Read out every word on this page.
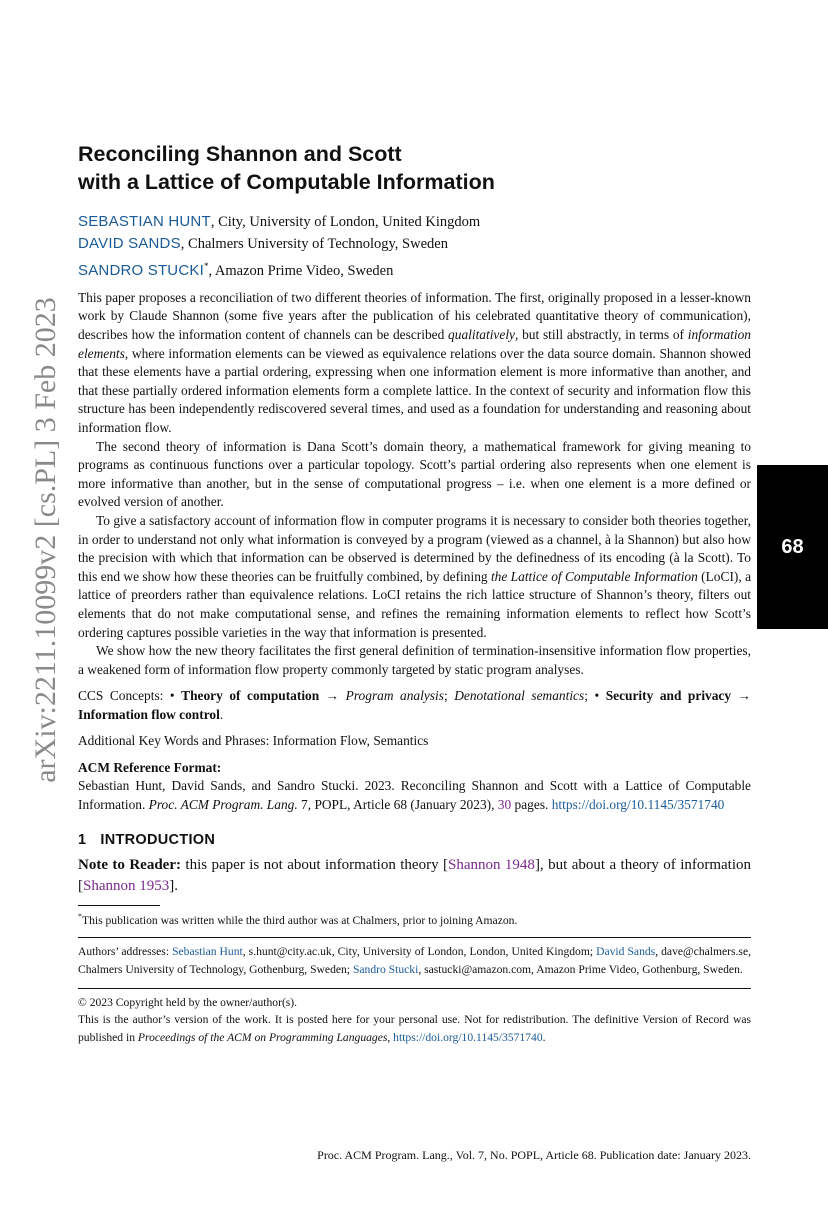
arXiv:2211.10099v2 [cs.PL] 3 Feb 2023	68
Reconciling Shannon and Scott
with a Lattice of Computable Information
SEBASTIAN HUNT, City, University of London, United Kingdom
DAVID SANDS, Chalmers University of Technology, Sweden
SANDRO STUCKI*, Amazon Prime Video, Sweden

This paper proposes a reconciliation of two different theories of information. The first, originally proposed in a lesser-known work by Claude Shannon (some five years after the publication of his celebrated quantitative theory of communication), describes how the information content of channels can be described qualitatively, but still abstractly, in terms of information elements, where information elements can be viewed as equivalence relations over the data source domain. Shannon showed that these elements have a partial ordering, expressing when one information element is more informative than another, and that these partially ordered information elements form a complete lattice. In the context of security and information flow this structure has been independently rediscovered several times, and used as a foundation for understanding and reasoning about information flow.

The second theory of information is Dana Scott’s domain theory, a mathematical framework for giving meaning to programs as continuous functions over a particular topology. Scott’s partial ordering also represents when one element is more informative than another, but in the sense of computational progress – i.e. when one element is a more defined or evolved version of another.

To give a satisfactory account of information flow in computer programs it is necessary to consider both theories together, in order to understand not only what information is conveyed by a program (viewed as a channel, à la Shannon) but also how the precision with which that information can be observed is determined by the definedness of its encoding (à la Scott). To this end we show how these theories can be fruitfully combined, by defining the Lattice of Computable Information (LoCI), a lattice of preorders rather than equivalence relations. LoCI retains the rich lattice structure of Shannon’s theory, filters out elements that do not make computational sense, and refines the remaining information elements to reflect how Scott’s ordering captures possible varieties in the way that information is presented.

We show how the new theory facilitates the first general definition of termination-insensitive information flow properties, a weakened form of information flow property commonly targeted by static program analyses.

CCS Concepts: • Theory of computation → Program analysis; Denotational semantics; • Security and privacy → Information flow control.
Additional Key Words and Phrases: Information Flow, Semantics
ACM Reference Format:
Sebastian Hunt, David Sands, and Sandro Stucki. 2023. Reconciling Shannon and Scott with a Lattice of Computable Information. Proc. ACM Program. Lang. 7, POPL, Article 68 (January 2023), 30 pages. https://doi.org/10.1145/3571740
1 INTRODUCTION
Note to Reader: this paper is not about information theory [Shannon 1948], but about a theory of information [Shannon 1953].
*This publication was written while the third author was at Chalmers, prior to joining Amazon.
Authors’ addresses: Sebastian Hunt, s.hunt@city.ac.uk, City, University of London, London, United Kingdom; David Sands, dave@chalmers.se, Chalmers University of Technology, Gothenburg, Sweden; Sandro Stucki, sastucki@amazon.com, Amazon Prime Video, Gothenburg, Sweden.
© 2023 Copyright held by the owner/author(s).
This is the author’s version of the work. It is posted here for your personal use. Not for redistribution. The definitive Version of Record was published in Proceedings of the ACM on Programming Languages, https://doi.org/10.1145/3571740.
Proc. ACM Program. Lang., Vol. 7, No. POPL, Article 68. Publication date: January 2023.
